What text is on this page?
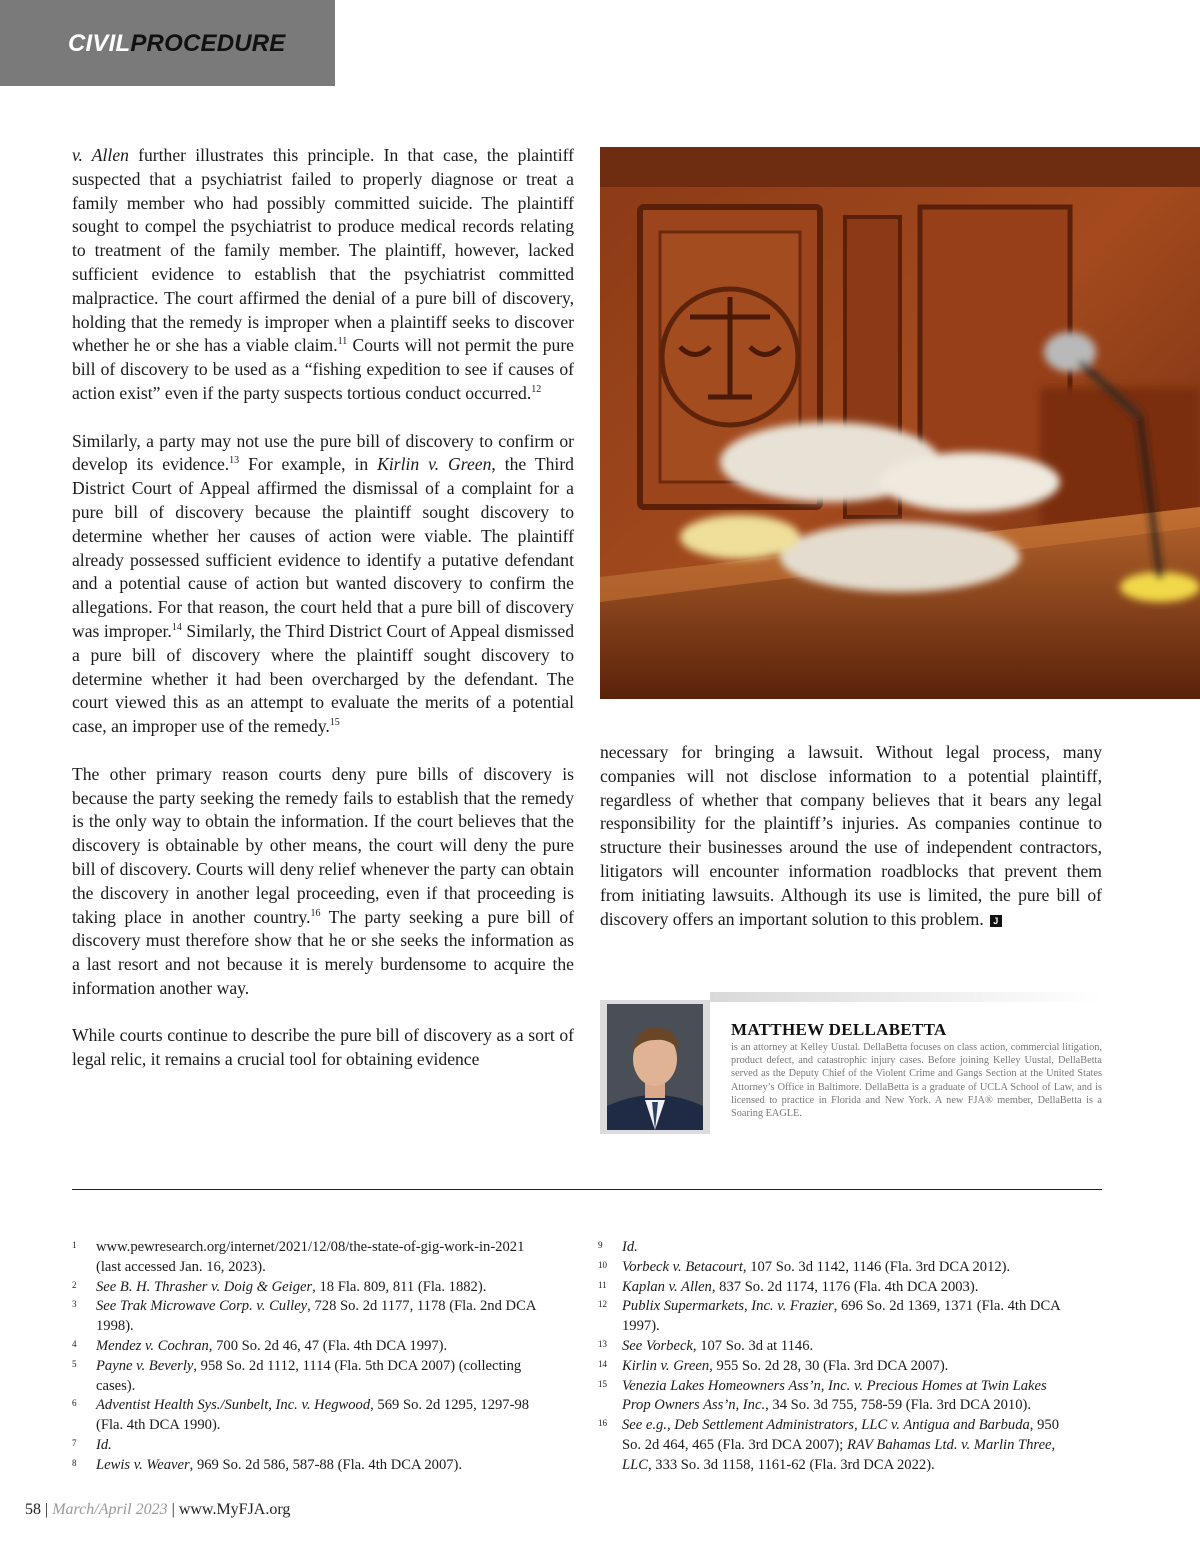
CIVILPROCEDURE

v. Allen further illustrates this principle. In that case, the plaintiff suspected that a psychiatrist failed to properly diagnose or treat a family member who had possibly committed suicide. The plaintiff sought to compel the psychiatrist to produce medical records relating to treatment of the family member. The plaintiff, however, lacked sufficient evidence to establish that the psychiatrist committed malpractice. The court affirmed the denial of a pure bill of discovery, holding that the remedy is improper when a plaintiff seeks to discover whether he or she has a viable claim.$^{11}$ Courts will not permit the pure bill of discovery to be used as a “fishing expedition to see if causes of action exist” even if the party suspects tortious conduct occurred.$^{12}$

Similarly, a party may not use the pure bill of discovery to confirm or develop its evidence.$^{13}$ For example, in Kirlin v. Green, the Third District Court of Appeal affirmed the dismissal of a complaint for a pure bill of discovery because the plaintiff sought discovery to determine whether her causes of action were viable. The plaintiff already possessed sufficient evidence to identify a putative defendant and a potential cause of action but wanted discovery to confirm the allegations. For that reason, the court held that a pure bill of discovery was improper.$^{14}$ Similarly, the Third District Court of Appeal dismissed a pure bill of discovery where the plaintiff sought discovery to determine whether it had been overcharged by the defendant. The court viewed this as an attempt to evaluate the merits of a potential case, an improper use of the remedy.$^{15}$

The other primary reason courts deny pure bills of discovery is because the party seeking the remedy fails to establish that the remedy is the only way to obtain the information. If the court believes that the discovery is obtainable by other means, the court will deny the pure bill of discovery. Courts will deny relief whenever the party can obtain the discovery in another legal proceeding, even if that proceeding is taking place in another country.$^{16}$ The party seeking a pure bill of discovery must therefore show that he or she seeks the information as a last resort and not because it is merely burdensome to acquire the information another way.

While courts continue to describe the pure bill of discovery as a sort of legal relic, it remains a crucial tool for obtaining evidence

necessary for bringing a lawsuit. Without legal process, many companies will not disclose information to a potential plaintiff, regardless of whether that company believes that it bears any legal responsibility for the plaintiff’s injuries. As companies continue to structure their businesses around the use of independent contractors, litigators will encounter information roadblocks that prevent them from initiating lawsuits. Although its use is limited, the pure bill of discovery offers an important solution to this problem. J

MATTHEW DELLABETTA
is an attorney at Kelley Uustal. DellaBetta focuses on class action, commercial litigation, product defect, and catastrophic injury cases. Before joining Kelley Uustal, DellaBetta served as the Deputy Chief of the Violent Crime and Gangs Section at the United States Attorney’s Office in Baltimore. DellaBetta is a graduate of UCLA School of Law, and is licensed to practice in Florida and New York. A new FJA® member, DellaBetta is a Soaring EAGLE.
1 www.pewresearch.org/internet/2021/12/08/the-state-of-gig-work-in-2021 (last accessed Jan. 16, 2023).
2 See B. H. Thrasher v. Doig & Geiger, 18 Fla. 809, 811 (Fla. 1882).
3 See Trak Microwave Corp. v. Culley, 728 So. 2d 1177, 1178 (Fla. 2nd DCA 1998).
4 Mendez v. Cochran, 700 So. 2d 46, 47 (Fla. 4th DCA 1997).
5 Payne v. Beverly, 958 So. 2d 1112, 1114 (Fla. 5th DCA 2007) (collecting cases).
6 Adventist Health Sys./Sunbelt, Inc. v. Hegwood, 569 So. 2d 1295, 1297-98 (Fla. 4th DCA 1990).
7 Id.
8 Lewis v. Weaver, 969 So. 2d 586, 587-88 (Fla. 4th DCA 2007).
9 Id.
10 Vorbeck v. Betacourt, 107 So. 3d 1142, 1146 (Fla. 3rd DCA 2012).
11 Kaplan v. Allen, 837 So. 2d 1174, 1176 (Fla. 4th DCA 2003).
12 Publix Supermarkets, Inc. v. Frazier, 696 So. 2d 1369, 1371 (Fla. 4th DCA 1997).
13 See Vorbeck, 107 So. 3d at 1146.
14 Kirlin v. Green, 955 So. 2d 28, 30 (Fla. 3rd DCA 2007).
15 Venezia Lakes Homeowners Ass’n, Inc. v. Precious Homes at Twin Lakes Prop Owners Ass’n, Inc., 34 So. 3d 755, 758-59 (Fla. 3rd DCA 2010).
16 See e.g., Deb Settlement Administrators, LLC v. Antigua and Barbuda, 950 So. 2d 464, 465 (Fla. 3rd DCA 2007); RAV Bahamas Ltd. v. Marlin Three, LLC, 333 So. 3d 1158, 1161-62 (Fla. 3rd DCA 2022).
58 | March/April 2023 | www.MyFJA.org
